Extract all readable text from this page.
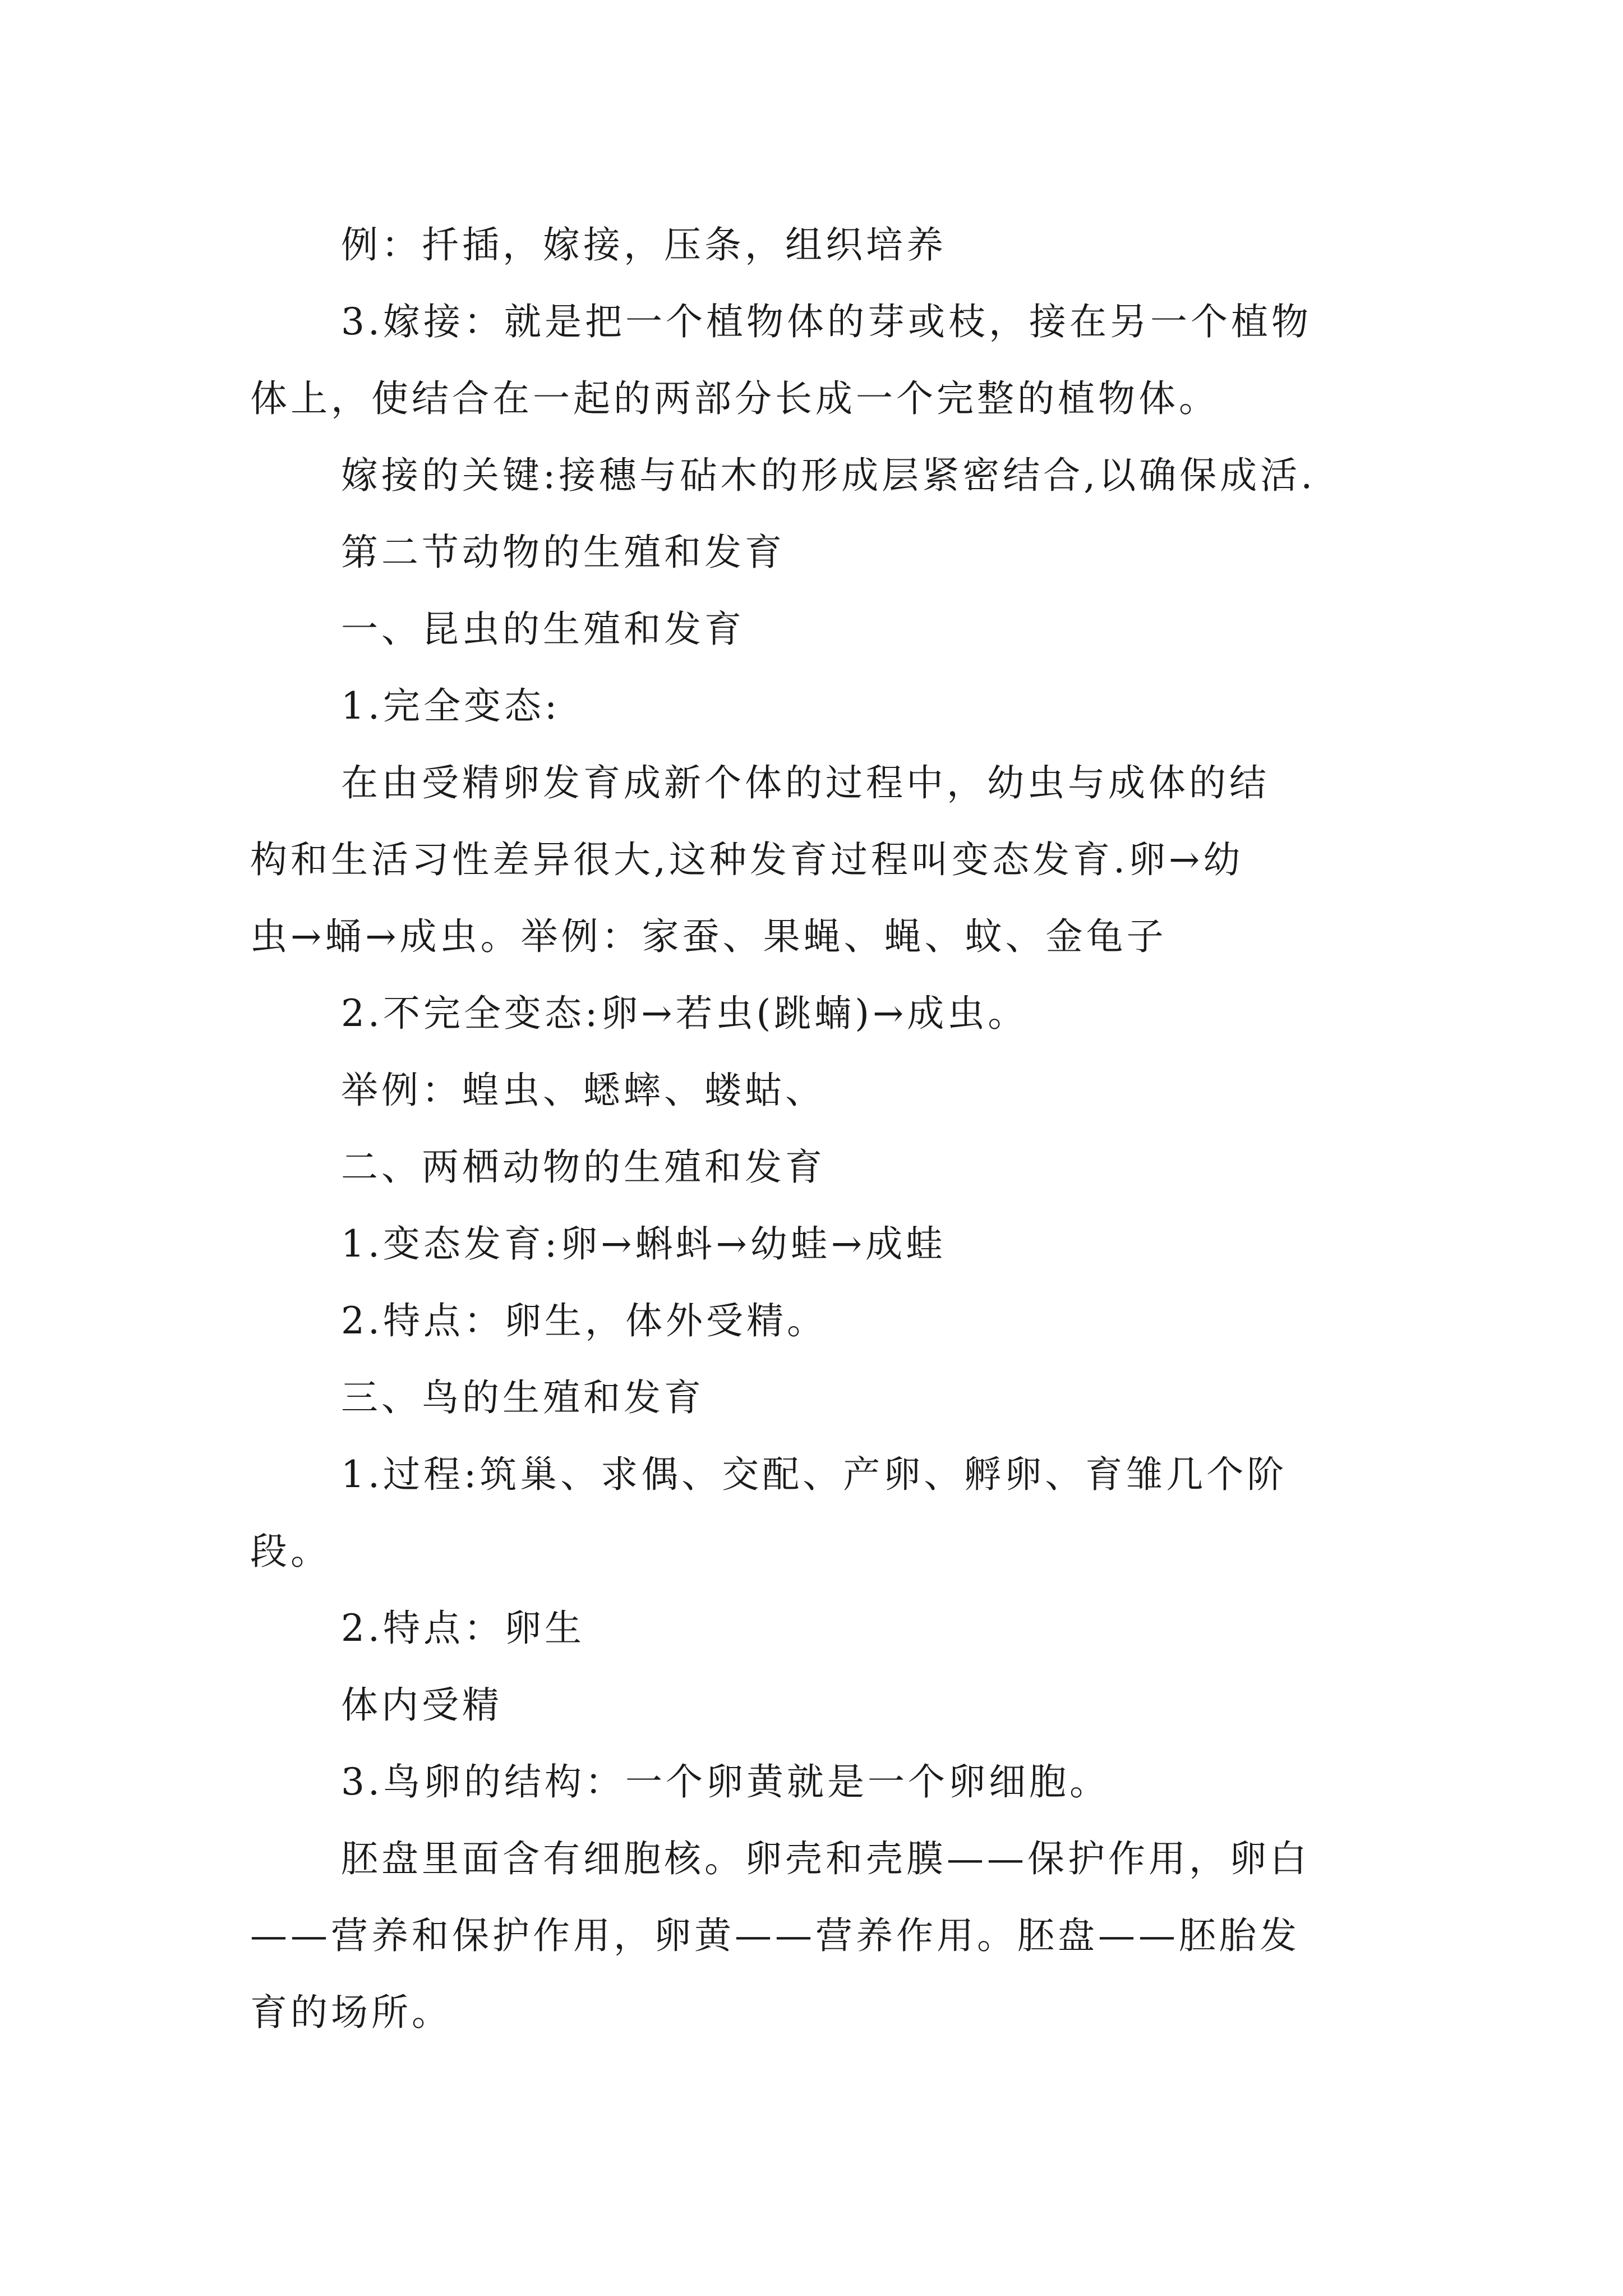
例：扦插，嫁接，压条，组织培养
3.嫁接：就是把一个植物体的芽或枝，接在另一个植物
体上，使结合在一起的两部分长成一个完整的植物体。
嫁接的关键:接穗与砧木的形成层紧密结合,以确保成活.
第二节动物的生殖和发育
一、昆虫的生殖和发育
1.完全变态:
在由受精卵发育成新个体的过程中，幼虫与成体的结
构和生活习性差异很大,这种发育过程叫变态发育.卵→幼
虫→蛹→成虫。举例：家蚕、果蝇、蝇、蚊、金龟子
2.不完全变态:卵→若虫(跳蝻)→成虫。
举例：蝗虫、蟋蟀、蝼蛄、
二、两栖动物的生殖和发育
1.变态发育:卵→蝌蚪→幼蛙→成蛙
2.特点：卵生，体外受精。
三、鸟的生殖和发育
1.过程:筑巢、求偶、交配、产卵、孵卵、育雏几个阶
段。
2.特点：卵生
体内受精
3.鸟卵的结构：一个卵黄就是一个卵细胞。
胚盘里面含有细胞核。卵壳和壳膜——保护作用，卵白
——营养和保护作用，卵黄——营养作用。胚盘——胚胎发
育的场所。
